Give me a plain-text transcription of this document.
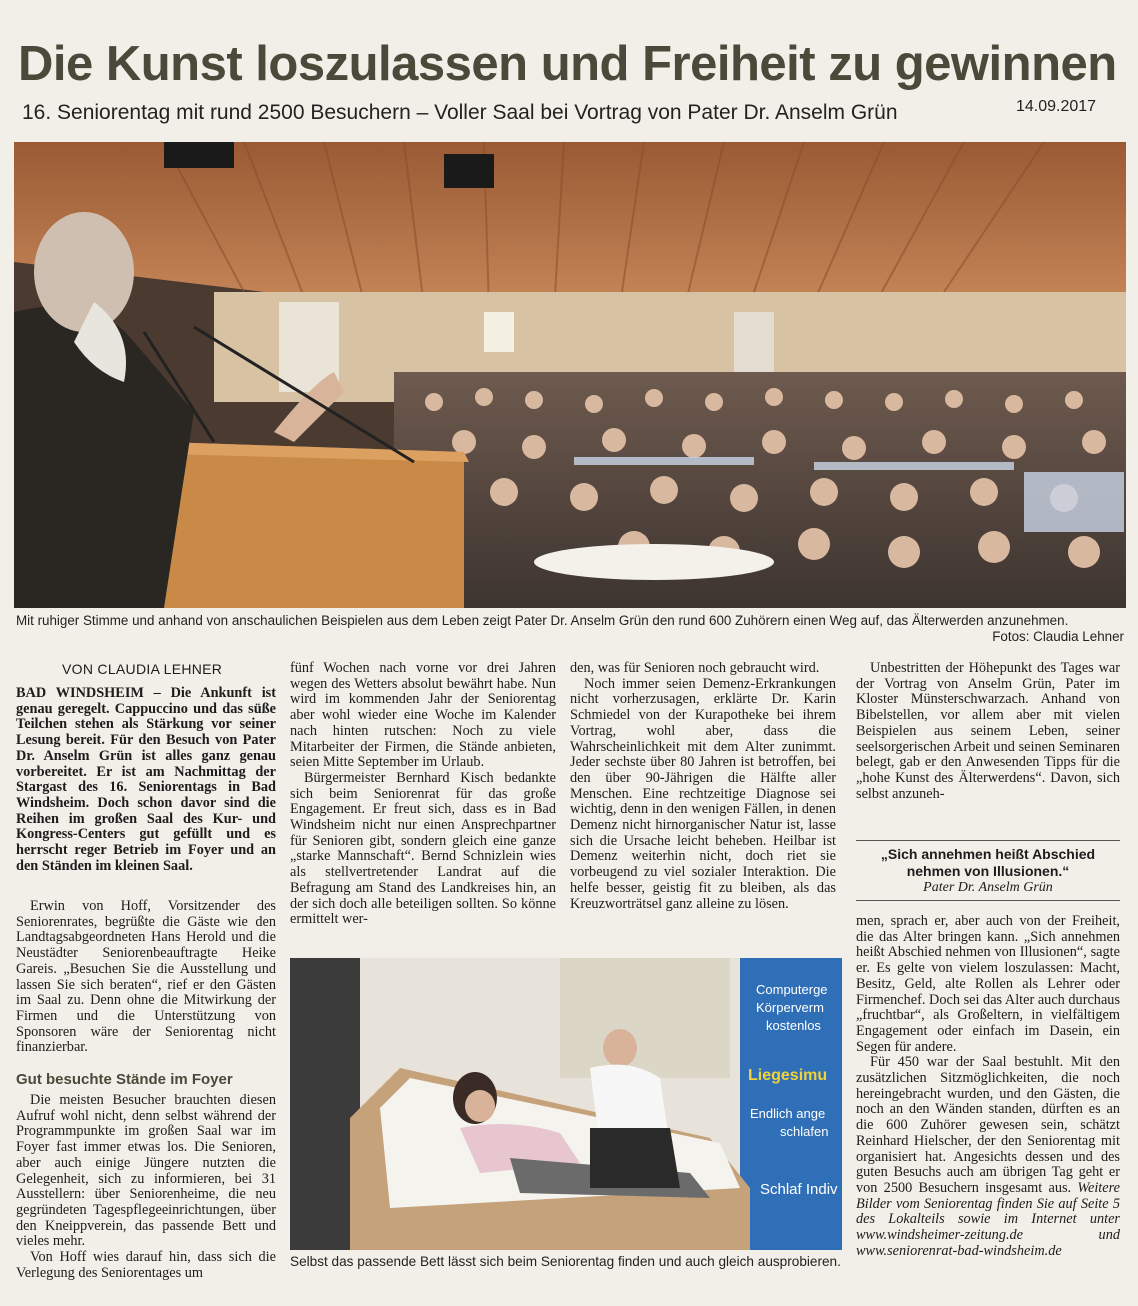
Die Kunst loszulassen und Freiheit zu gewinnen
16. Seniorentag mit rund 2500 Besuchern – Voller Saal bei Vortrag von Pater Dr. Anselm Grün	14.09.2017
Mit ruhiger Stimme und anhand von anschaulichen Beispielen aus dem Leben zeigt Pater Dr. Anselm Grün den rund 600 Zuhörern einen Weg auf, das Älterwerden anzunehmen.
Fotos: Claudia Lehner
VON CLAUDIA LEHNER
BAD WINDSHEIM – Die Ankunft ist genau geregelt. Cappuccino und das süße Teilchen stehen als Stärkung vor seiner Lesung bereit. Für den Besuch von Pater Dr. Anselm Grün ist alles ganz genau vorbereitet. Er ist am Nachmittag der Stargast des 16. Seniorentags in Bad Windsheim. Doch schon davor sind die Reihen im großen Saal des Kur- und Kongress-Centers gut gefüllt und es herrscht reger Betrieb im Foyer und an den Ständen im kleinen Saal.

Erwin von Hoff, Vorsitzender des Seniorenrates, begrüßte die Gäste wie den Landtagsabgeordneten Hans Herold und die Neustädter Seniorenbeauftragte Heike Gareis. „Besuchen Sie die Ausstellung und lassen Sie sich beraten“, rief er den Gästen im Saal zu. Denn ohne die Mitwirkung der Firmen und die Unterstützung von Sponsoren wäre der Seniorentag nicht finanzierbar.

Gut besuchte Stände im Foyer

Die meisten Besucher brauchten diesen Aufruf wohl nicht, denn selbst während der Programmpunkte im großen Saal war im Foyer fast immer etwas los. Die Senioren, aber auch einige Jüngere nutzten die Gelegenheit, sich zu informieren, bei 31 Ausstellern: über Seniorenheime, die neu gegründeten Tagespflegeeinrichtungen, über den Kneippverein, das passende Bett und vieles mehr.

Von Hoff wies darauf hin, dass sich die Verlegung des Seniorentages um

fünf Wochen nach vorne vor drei Jahren wegen des Wetters absolut bewährt habe. Nun wird im kommenden Jahr der Seniorentag aber wohl wieder eine Woche im Kalender nach hinten rutschen: Noch zu viele Mitarbeiter der Firmen, die Stände anbieten, seien Mitte September im Urlaub.

Bürgermeister Bernhard Kisch bedankte sich beim Seniorenrat für das große Engagement. Er freut sich, dass es in Bad Windsheim nicht nur einen Ansprechpartner für Senioren gibt, sondern gleich eine ganze „starke Mannschaft“. Bernd Schnizlein wies als stellvertretender Landrat auf die Befragung am Stand des Landkreises hin, an der sich doch alle beteiligen sollten. So könne ermittelt wer-

den, was für Senioren noch gebraucht wird.

Noch immer seien Demenz-Erkrankungen nicht vorherzusagen, erklärte Dr. Karin Schmiedel von der Kurapotheke bei ihrem Vortrag, wohl aber, dass die Wahrscheinlichkeit mit dem Alter zunimmt. Jeder sechste über 80 Jahren ist betroffen, bei den über 90-Jährigen die Hälfte aller Menschen. Eine rechtzeitige Diagnose sei wichtig, denn in den wenigen Fällen, in denen Demenz nicht hirnorganischer Natur ist, lasse sich die Ursache leicht beheben. Heilbar ist Demenz weiterhin nicht, doch riet sie vorbeugend zu viel sozialer Interaktion. Die helfe besser, geistig fit zu bleiben, als das Kreuzworträtsel ganz alleine zu lösen.

Unbestritten der Höhepunkt des Tages war der Vortrag von Anselm Grün, Pater im Kloster Münsterschwarzach. Anhand von Bibelstellen, vor allem aber mit vielen Beispielen aus seinem Leben, seiner seelsorgerischen Arbeit und seinen Seminaren belegt, gab er den Anwesenden Tipps für die „hohe Kunst des Älterwerdens“. Davon, sich selbst anzuneh-

„Sich annehmen heißt Abschied nehmen von Illusionen.“
Pater Dr. Anselm Grün

men, sprach er, aber auch von der Freiheit, die das Alter bringen kann. „Sich annehmen heißt Abschied nehmen von Illusionen“, sagte er. Es gelte von vielem loszulassen: Macht, Besitz, Geld, alte Rollen als Lehrer oder Firmenchef. Doch sei das Alter auch durchaus „fruchtbar“, als Großeltern, in vielfältigem Engagement oder einfach im Dasein, ein Segen für andere.

Für 450 war der Saal bestuhlt. Mit den zusätzlichen Sitzmöglichkeiten, die noch hereingebracht wurden, und den Gästen, die noch an den Wänden standen, dürften es an die 600 Zuhörer gewesen sein, schätzt Reinhard Hielscher, der den Seniorentag mit organisiert hat. Angesichts dessen und des guten Besuchs auch am übrigen Tag geht er von 2500 Besuchern insgesamt aus. Weitere Bilder vom Seniorentag finden Sie auf Seite 5 des Lokalteils sowie im Internet unter www.windsheimer-zeitung.de und www.seniorenrat-bad-windsheim.de

Computerge
Körperverm
kostenlos
Liegesimu
Endlich ange
schlafen
Schlaf Indiv
Selbst das passende Bett lässt sich beim Seniorentag finden und auch gleich ausprobieren.
